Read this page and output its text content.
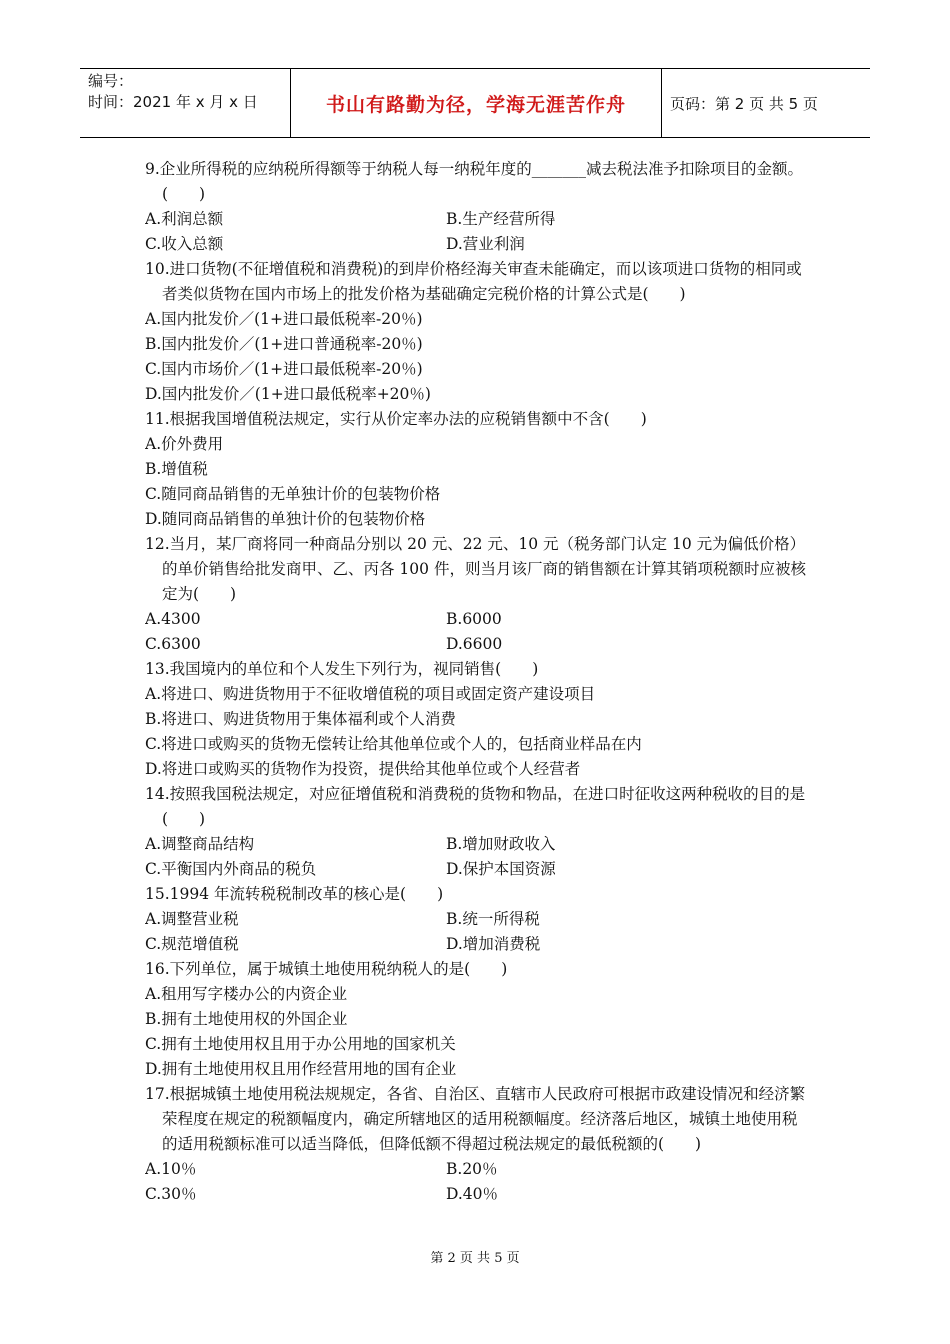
编号：
时间：2021 年 x 月 x 日	书山有路勤为径，学海无涯苦作舟	页码：第 2 页 共 5 页

9.企业所得税的应纳税所得额等于纳税人每一纳税年度的_______减去税法准予扣除项目的金额。(　　)

A.利润总额	B.生产经营所得
C.收入总额	D.营业利润

10.进口货物(不征增值税和消费税)的到岸价格经海关审查未能确定，而以该项进口货物的相同或者类似货物在国内市场上的批发价格为基础确定完税价格的计算公式是(　　)

A.国内批发价／(1+进口最低税率-20％)
B.国内批发价／(1+进口普通税率-20％)
C.国内市场价／(1+进口最低税率-20％)
D.国内批发价／(1+进口最低税率+20％)

11.根据我国增值税法规定，实行从价定率办法的应税销售额中不含(　　)

A.价外费用
B.增值税
C.随同商品销售的无单独计价的包装物价格
D.随同商品销售的单独计价的包装物价格

12.当月，某厂商将同一种商品分别以 20 元、22 元、10 元（税务部门认定 10 元为偏低价格）的单价销售给批发商甲、乙、丙各 100 件，则当月该厂商的销售额在计算其销项税额时应被核定为(　　)

A.4300	B.6000
C.6300	D.6600

13.我国境内的单位和个人发生下列行为，视同销售(　　)

A.将进口、购进货物用于不征收增值税的项目或固定资产建设项目
B.将进口、购进货物用于集体福利或个人消费
C.将进口或购买的货物无偿转让给其他单位或个人的，包括商业样品在内
D.将进口或购买的货物作为投资，提供给其他单位或个人经营者

14.按照我国税法规定，对应征增值税和消费税的货物和物品，在进口时征收这两种税收的目的是(　　)

A.调整商品结构	B.增加财政收入
C.平衡国内外商品的税负	D.保护本国资源

15.1994 年流转税税制改革的核心是(　　)

A.调整营业税	B.统一所得税
C.规范增值税	D.增加消费税

16.下列单位，属于城镇土地使用税纳税人的是(　　)

A.租用写字楼办公的内资企业
B.拥有土地使用权的外国企业
C.拥有土地使用权且用于办公用地的国家机关
D.拥有土地使用权且用作经营用地的国有企业

17.根据城镇土地使用税法规规定，各省、自治区、直辖市人民政府可根据市政建设情况和经济繁荣程度在规定的税额幅度内，确定所辖地区的适用税额幅度。经济落后地区，城镇土地使用税的适用税额标准可以适当降低，但降低额不得超过税法规定的最低税额的(　　)

A.10％	B.20％
C.30％	D.40％
第 2 页 共 5 页
